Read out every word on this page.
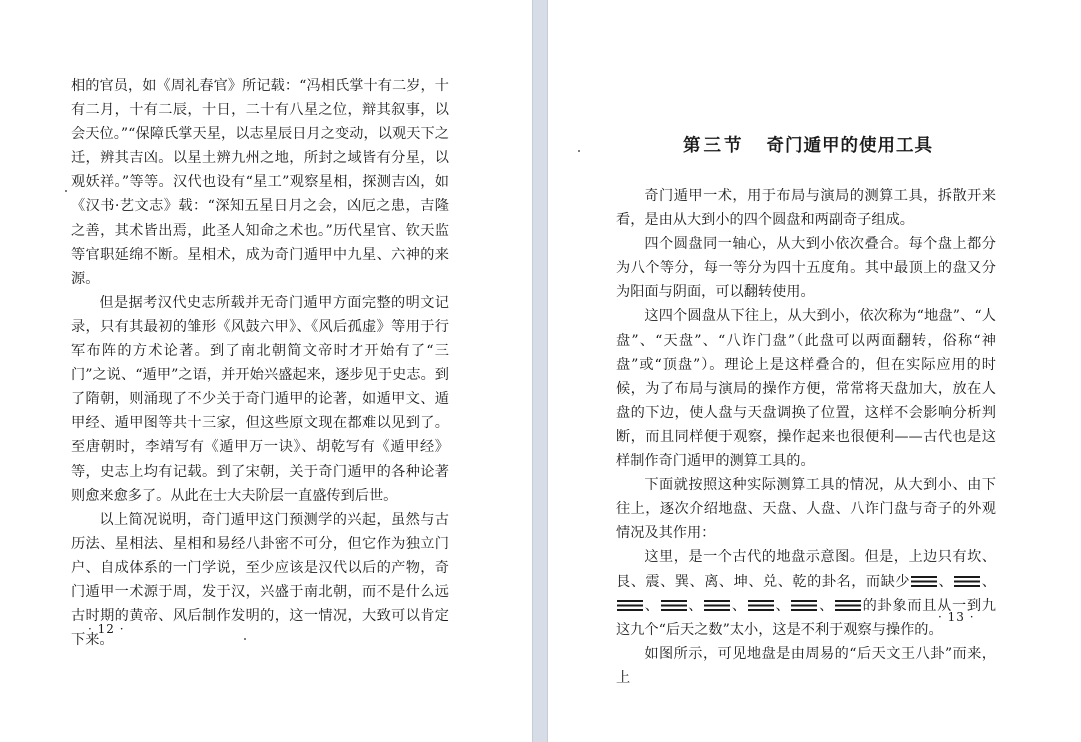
相的官员，如《周礼春官》所记载：“冯相氏掌十有二岁，十有二月，十有二辰，十日，二十有八星之位，辩其叙事，以会天位。”“保障氏掌天星，以志星辰日月之变动，以观天下之迁，辨其吉凶。以星土辨九州之地，所封之域皆有分星，以观妖祥。”等等。汉代也设有“星工”观察星相，探测吉凶，如《汉书·艺文志》载：“深知五星日月之会，凶厄之患，吉隆之善，其术皆出焉，此圣人知命之术也。”历代星官、钦天监等官职延绵不断。星相术，成为奇门遁甲中九星、六神的来源。

但是据考汉代史志所载并无奇门遁甲方面完整的明文记录，只有其最初的雏形《风鼓六甲》、《风后孤虚》等用于行军布阵的方术论著。到了南北朝简文帝时才开始有了“三门”之说、“遁甲”之语，并开始兴盛起来，逐步见于史志。到了隋朝，则涌现了不少关于奇门遁甲的论著，如遁甲文、遁甲经、遁甲图等共十三家，但这些原文现在都难以见到了。至唐朝时，李靖写有《遁甲万一诀》、胡乾写有《遁甲经》等，史志上均有记载。到了宋朝，关于奇门遁甲的各种论著则愈来愈多了。从此在士大夫阶层一直盛传到后世。

以上简况说明，奇门遁甲这门预测学的兴起，虽然与古历法、星相法、星相和易经八卦密不可分，但它作为独立门户、自成体系的一门学说，至少应该是汉代以后的产物，奇门遁甲一术源于周，发于汉，兴盛于南北朝，而不是什么远古时期的黄帝、风后制作发明的，这一情况，大致可以肯定下来。

· 12 ·
第三节 奇门遁甲的使用工具

奇门遁甲一术，用于布局与演局的测算工具，拆散开来看，是由从大到小的四个圆盘和两副奇子组成。

四个圆盘同一轴心，从大到小依次叠合。每个盘上都分为八个等分，每一等分为四十五度角。其中最顶上的盘又分为阳面与阴面，可以翻转使用。

这四个圆盘从下往上，从大到小，依次称为“地盘”、“人盘”、“天盘”、“八诈门盘”（此盘可以两面翻转，俗称“神盘”或“顶盘”）。理论上是这样叠合的，但在实际应用的时候，为了布局与演局的操作方便，常常将天盘加大，放在人盘的下边，使人盘与天盘调换了位置，这样不会影响分析判断，而且同样便于观察，操作起来也很便利——古代也是这样制作奇门遁甲的测算工具的。

下面就按照这种实际测算工具的情况，从大到小、由下往上，逐次介绍地盘、天盘、人盘、八诈门盘与奇子的外观情况及其作用：

这里，是一个古代的地盘示意图。但是，上边只有坎、艮、震、巽、离、坤、兑、乾的卦名，而缺少 、 、、 、 、 、 、 的卦象而且从一到九这九个“后天之数”太小，这是不利于观察与操作的。

如图所示，可见地盘是由周易的“后天文王八卦”而来，上

· 13 ·
